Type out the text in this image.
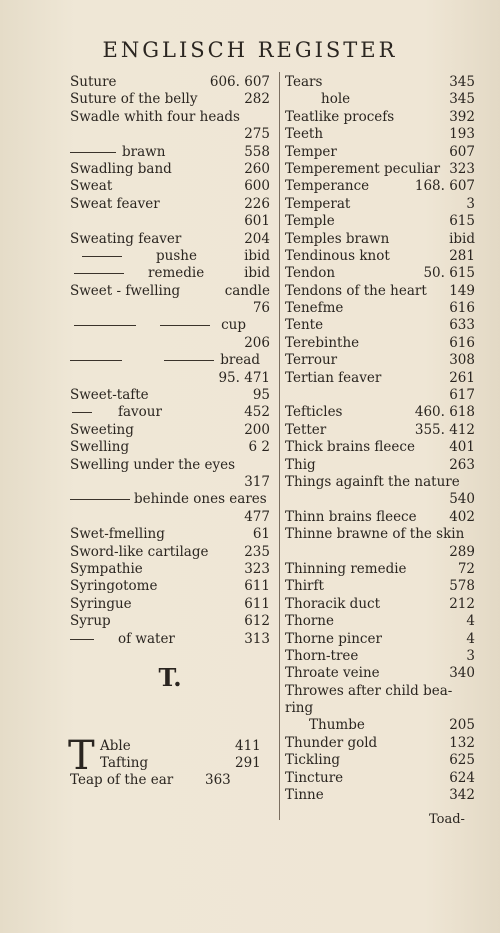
ENGLISCH REGISTER
Suture	606. 607
Suture of the belly	282
Swadle whith four heads
275
brawn	558
Swadling band	260
Sweat	600
Sweat feaver	226
601
Sweating feaver	204
pushe	ibid
remedie	ibid
Sweet - fwelling	candle
76
cup
206
bread
95. 471
Sweet-tafte	95
favour	452
Sweeting	200
Swelling	6 2
Swelling under the eyes
317
behinde ones eares
477
Swet-fmelling	61
Sword-like cartilage	235
Sympathie	323
Syringotome	611
Syringue	611
Syrup	612
of water	313
T.
T Able	411
Tafting	291
Teap of the ear 363
Tears	345
hole	345
Teatlike procefs	392
Teeth	193
Temper	607
Temperement peculiar 323
Temperance	168. 607
Temperat	3
Temple	615
Temples brawn	ibid
Tendinous knot	281
Tendon	50. 615
Tendons of the heart 149
Tenefme	616
Tente	633
Terebinthe	616
Terrour	308
Tertian feaver	261
617
Tefticles	460. 618
Tetter	355. 412
Thick brains fleece	401
Thig	263
Things againft the nature
540
Thinn brains fleece 402
Thinne brawne of the skin
289
Thinning remedie	72
Thirft	578
Thoracik duct	212
Thorne	4
Thorne pincer	4
Thorn-tree	3
Throate veine	340
Throwes after child bea-
ring
Thumbe	205
Thunder gold	132
Tickling	625
Tincture	624
Tinne	342
Toad-
